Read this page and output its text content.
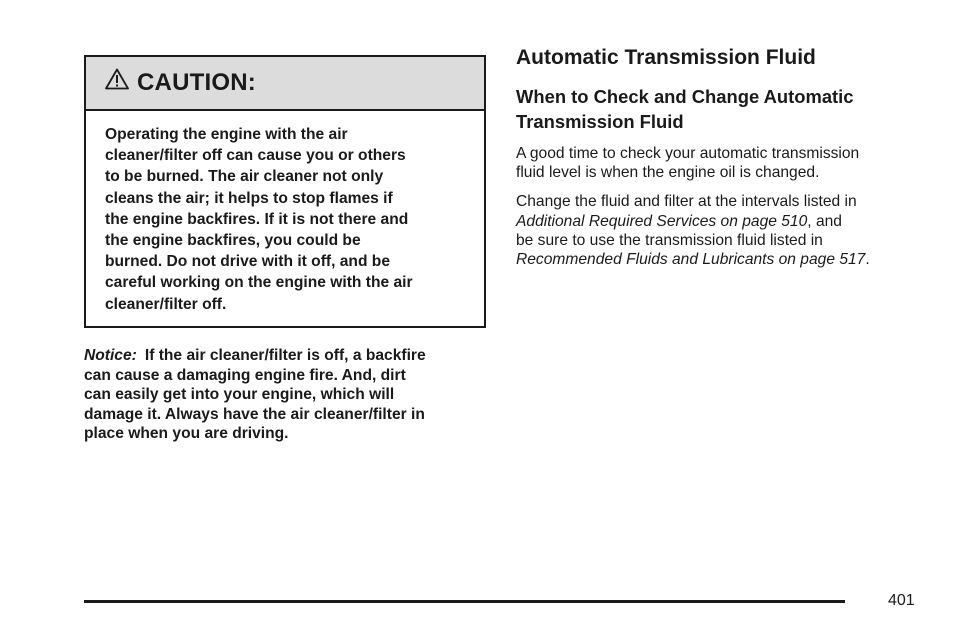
CAUTION:
Operating the engine with the air
cleaner/filter off can cause you or others
to be burned. The air cleaner not only
cleans the air; it helps to stop flames if
the engine backfires. If it is not there and
the engine backfires, you could be
burned. Do not drive with it off, and be
careful working on the engine with the air
cleaner/filter off.
Notice: If the air cleaner/filter is off, a backfire
can cause a damaging engine fire. And, dirt
can easily get into your engine, which will
damage it. Always have the air cleaner/filter in
place when you are driving.
Automatic Transmission Fluid
When to Check and Change Automatic
Transmission Fluid
A good time to check your automatic transmission
fluid level is when the engine oil is changed.
Change the fluid and filter at the intervals listed in
Additional Required Services on page 510, and
be sure to use the transmission fluid listed in
Recommended Fluids and Lubricants on page 517.
401
